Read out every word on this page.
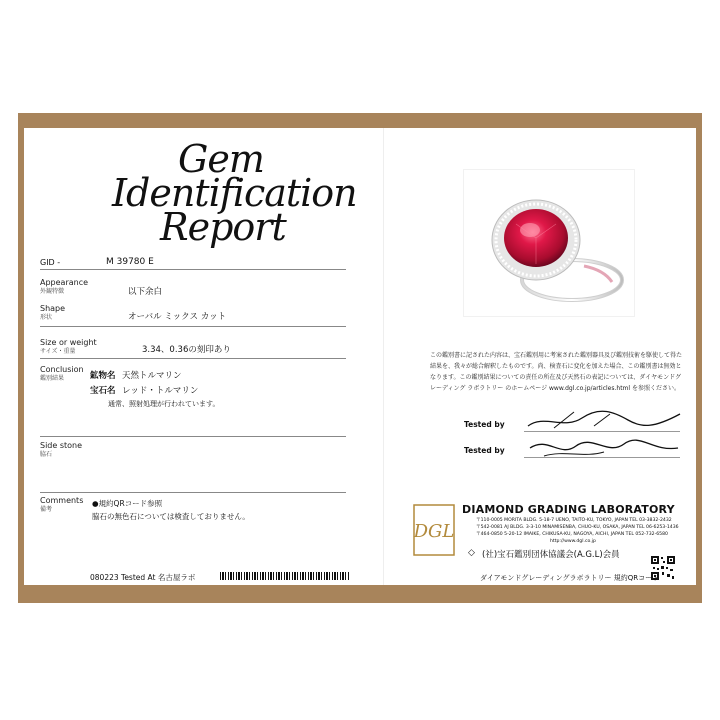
Gem
Identification
Report
GID -	M 39780 E
Appearance
外観特徴	以下余白
Shape
形状	オーバル ミックス カット
Size or weight
サイズ・重量	3.34、0.36の刻印あり
Conclusion
鑑別結果	鉱物名 天然トルマリン
宝石名 レッド・トルマリン
通常、照射処理が行われています。
Side stone
脇石
Comments
備考
●規約QRコード参照
脇石の無色石については検査しておりません。
080223 Tested At 名古屋ラボ
この鑑別書に記された内容は、宝石鑑別用に考案された鑑別器具及び鑑別技術を駆使して得た結果を、我々が総合解釈したものです。尚、検査石に変化を加えた場合、この鑑別書は無効となります。この鑑別結果についての責任の所在及び天然石の表記については、ダイヤモンドグレーディング ラボラトリー のホームページ www.dgl.co.jp/articles.html を参照ください。
Tested by
Tested by
DGL
DIAMOND GRADING LABORATORY
〒110-0005 MORITA BLDG. 5-18-7 UENO, TAITO-KU, TOKYO, JAPAN TEL 03-3832-2432
〒542-0081 AJ BLDG. 3-3-10 MINAMISENBA, CHUO-KU, OSAKA, JAPAN TEL 06-6253-1436
〒464-0850 5-20-12 IMAIKE, CHIKUSA-KU, NAGOYA, AICHI, JAPAN TEL 052-732-6580
http://www.dgl.co.jp
◇ (社)宝石鑑別団体協議会(A.G.L)会員
ダイアモンドグレーディングラボラトリー 規約QRコード
